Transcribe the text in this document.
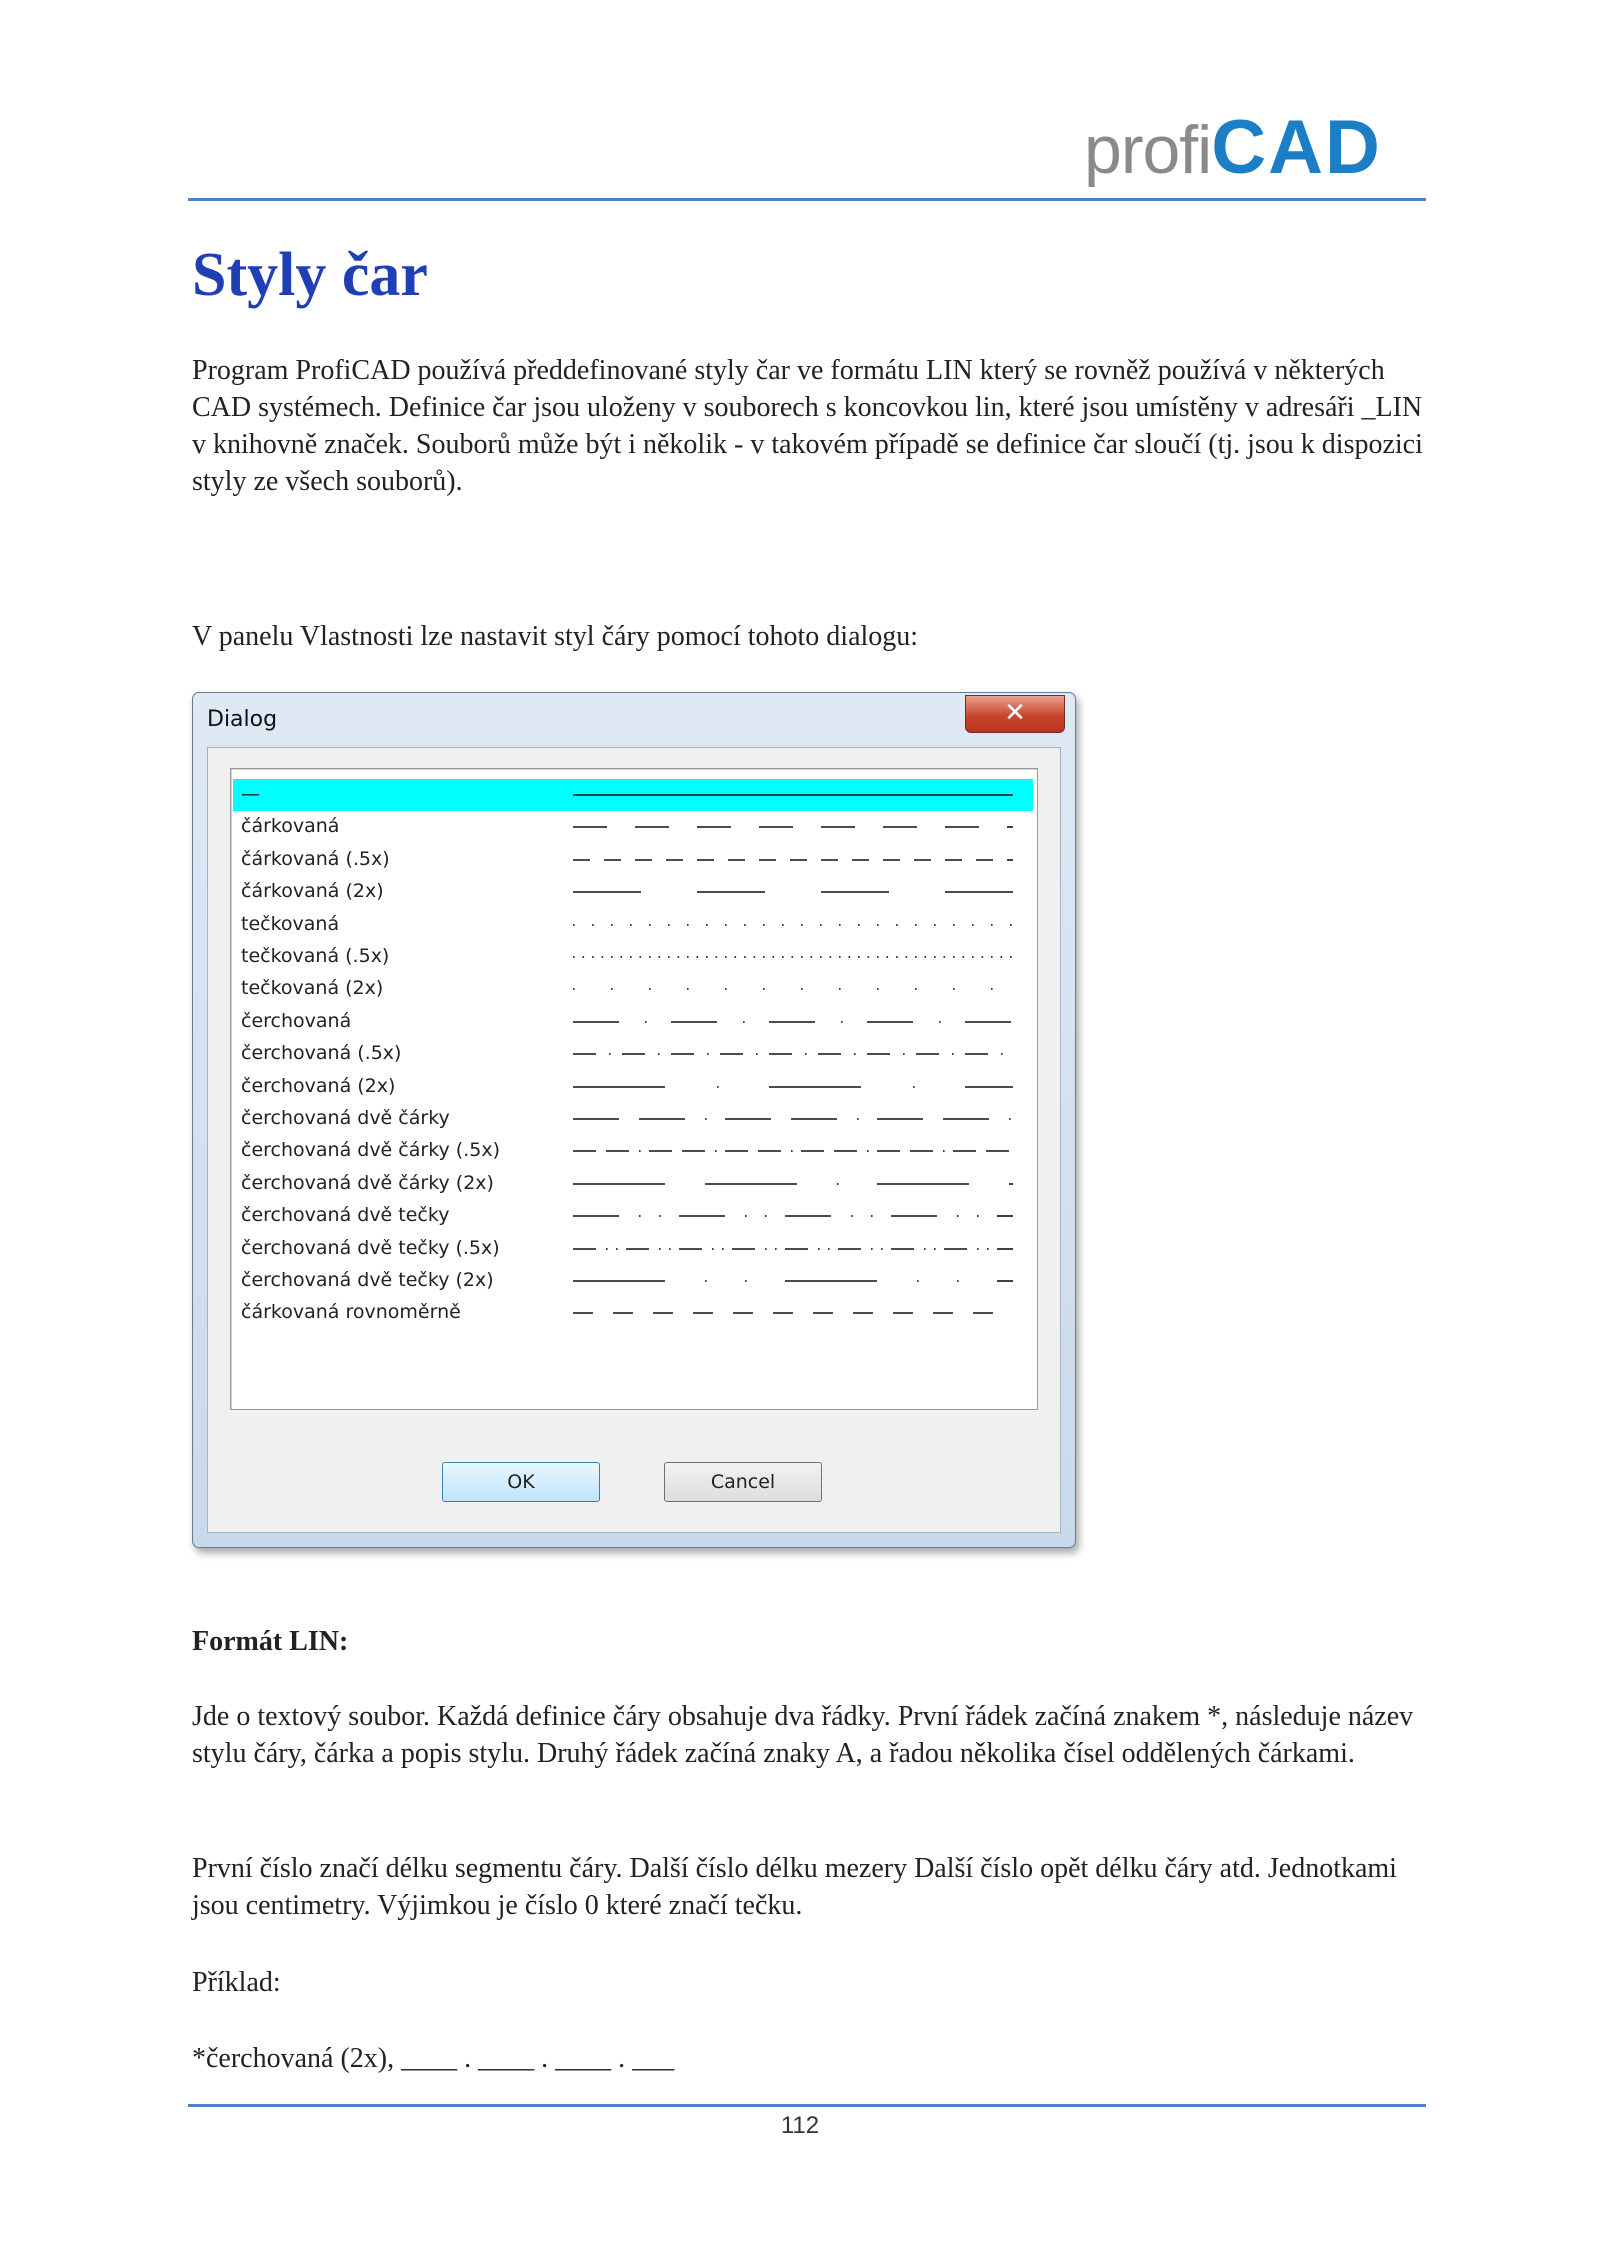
profiCAD
Styly čar

Program ProfiCAD používá předdefinované styly čar ve formátu LIN který se rovněž používá v některých CAD systémech. Definice čar jsou uloženy v souborech s koncovkou lin, které jsou umístěny v adresáři _LIN v knihovně značek. Souborů může být i několik - v takovém případě se definice čar sloučí (tj. jsou k dispozici styly ze všech souborů).

V panelu Vlastnosti lze nastavit styl čáry pomocí tohoto dialogu:

Dialog	✕
—
čárkovaná
čárkovaná (.5x)
čárkovaná (2x)
tečkovaná
tečkovaná (.5x)
tečkovaná (2x)
čerchovaná
čerchovaná (.5x)
čerchovaná (2x)
čerchovaná dvě čárky
čerchovaná dvě čárky (.5x)
čerchovaná dvě čárky (2x)
čerchovaná dvě tečky
čerchovaná dvě tečky (.5x)
čerchovaná dvě tečky (2x)
čárkovaná rovnoměrně
OK	Cancel

Formát LIN:

Jde o textový soubor. Každá definice čáry obsahuje dva řádky. První řádek začíná znakem *, následuje název stylu čáry, čárka a popis stylu. Druhý řádek začíná znaky A, a řadou několika čísel oddělených čárkami.

První číslo značí délku segmentu čáry. Další číslo délku mezery Další číslo opět délku čáry atd. Jednotkami jsou centimetry. Výjimkou je číslo 0 které značí tečku.

Příklad:

*čerchovaná (2x), ____ . ____ . ____ . ___

112
